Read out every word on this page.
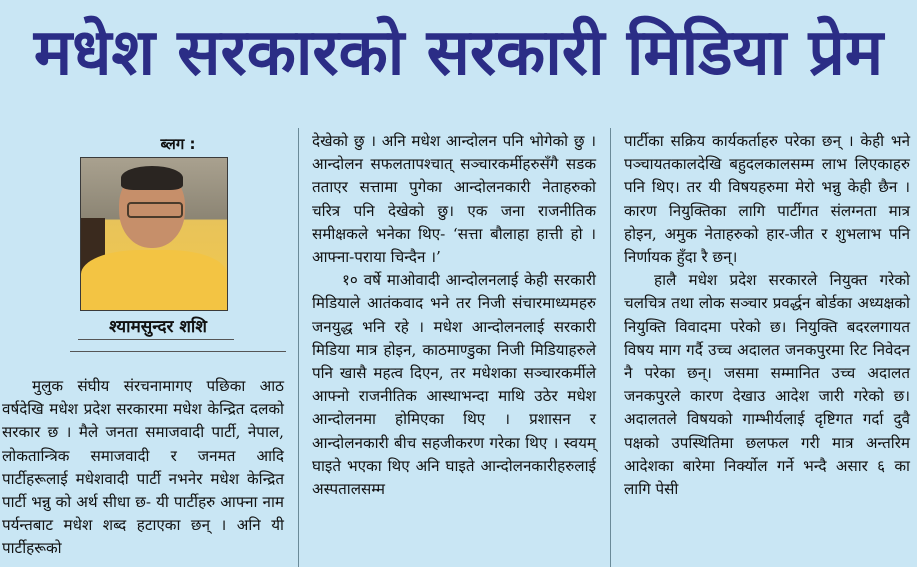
मधेश सरकारको सरकारी मिडिया प्रेम
ब्लग :
श्यामसुन्दर शशि

मुलुक संघीय संरचनामागए पछिका आठ वर्षदेखि मधेश प्रदेश सरकारमा मधेश केन्द्रित दलको सरकार छ । मैले जनता समाजवादी पार्टी, नेपाल, लोकतान्त्रिक समाजवादी र जनमत आदि पार्टीहरूलाई मधेशवादी पार्टी नभनेर मधेश केन्द्रित पार्टी भन्नु को अर्थ सीधा छ- यी पार्टीहरु आफ्ना नाम पर्यन्तबाट मधेश शब्द हटाएका छन् । अनि यी पार्टीहरूको

देखेको छु । अनि मधेश आन्दोलन पनि भोगेको छु । आन्दोलन सफलतापश्चात् सञ्चारकर्मीहरुसँगै सडक तताएर सत्तामा पुगेका आन्दोलनकारी नेताहरुको चरित्र पनि देखेको छु। एक जना राजनीतिक समीक्षकले भनेका थिए- ‘सत्ता बौलाहा हात्ती हो । आफ्ना-पराया चिन्दैन ।’

१० वर्षे माओवादी आन्दोलनलाई केही सरकारी मिडियाले आतंकवाद भने तर निजी संचारमाध्यमहरु जनयुद्ध भनि रहे । मधेश आन्दोलनलाई सरकारी मिडिया मात्र होइन, काठमाण्डुका निजी मिडियाहरुले पनि खासै महत्व दिएन, तर मधेशका सञ्चारकर्मीले आफ्नो राजनीतिक आस्थाभन्दा माथि उठेर मधेश आन्दोलनमा होमिएका थिए । प्रशासन र आन्दोलनकारी बीच सहजीकरण गरेका थिए । स्वयम् घाइते भएका थिए अनि घाइते आन्दोलनकारीहरुलाई अस्पतालसम्म

पार्टीका सक्रिय कार्यकर्ताहरु परेका छन् । केही भने पञ्चायतकालदेखि बहुदलकालसम्म लाभ लिएकाहरु पनि थिए। तर यी विषयहरुमा मेरो भन्नु केही छैन । कारण नियुक्तिका लागि पार्टीगत संलग्नता मात्र होइन, अमुक नेताहरुको हार-जीत र शुभलाभ पनि निर्णायक हुँदा रै छन्।

हालै मधेश प्रदेश सरकारले नियुक्त गरेको चलचित्र तथा लोक सञ्चार प्रवर्द्धन बोर्डका अध्यक्षको नियुक्ति विवादमा परेको छ। नियुक्ति बदरलगायत विषय माग गर्दै उच्च अदालत जनकपुरमा रिट निवेदन नै परेका छन्। जसमा सम्मानित उच्च अदालत जनकपुरले कारण देखाउ आदेश जारी गरेको छ। अदालतले विषयको गाम्भीर्यलाई दृष्टिगत गर्दा दुवै पक्षको उपस्थितिमा छलफल गरी मात्र अन्तरिम आदेशका बारेमा निर्क्योल गर्ने भन्दै असार ६ का लागि पेसी
